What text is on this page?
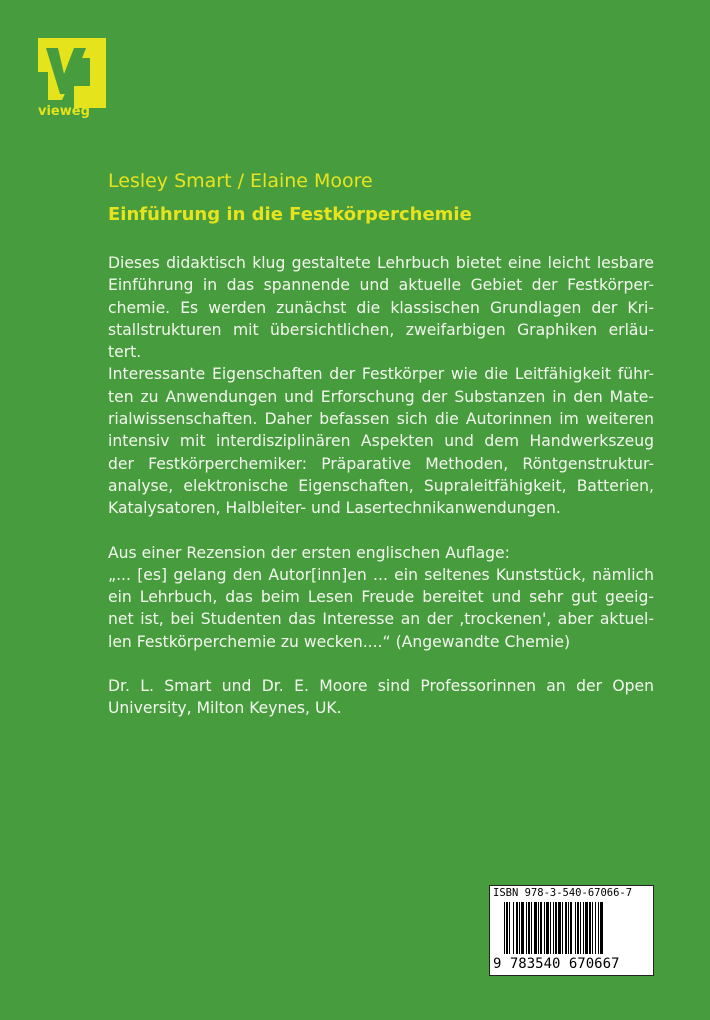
vieweg
Lesley Smart / Elaine Moore
Einführung in die Festkörperchemie
Dieses didaktisch klug gestaltete Lehrbuch bietet eine leicht lesbare
Einführung in das spannende und aktuelle Gebiet der Festkörper-
chemie. Es werden zunächst die klassischen Grundlagen der Kri-
stallstrukturen mit übersichtlichen, zweifarbigen Graphiken erläu-
tert.
Interessante Eigenschaften der Festkörper wie die Leitfähigkeit führ-
ten zu Anwendungen und Erforschung der Substanzen in den Mate-
rialwissenschaften. Daher befassen sich die Autorinnen im weiteren
intensiv mit interdisziplinären Aspekten und dem Handwerkszeug
der Festkörperchemiker: Präparative Methoden, Röntgenstruktur-
analyse, elektronische Eigenschaften, Supraleitfähigkeit, Batterien,
Katalysatoren, Halbleiter- und Lasertechnikanwendungen.
Aus einer Rezension der ersten englischen Auflage:
„... [es] gelang den Autor[inn]en ... ein seltenes Kunststück, nämlich
ein Lehrbuch, das beim Lesen Freude bereitet und sehr gut geeig-
net ist, bei Studenten das Interesse an der ‚trockenen', aber aktuel-
len Festkörperchemie zu wecken....“ (Angewandte Chemie)
Dr. L. Smart und Dr. E. Moore sind Professorinnen an der Open
University, Milton Keynes, UK.
ISBN 978-3-540-67066-7
9 783540 670667
